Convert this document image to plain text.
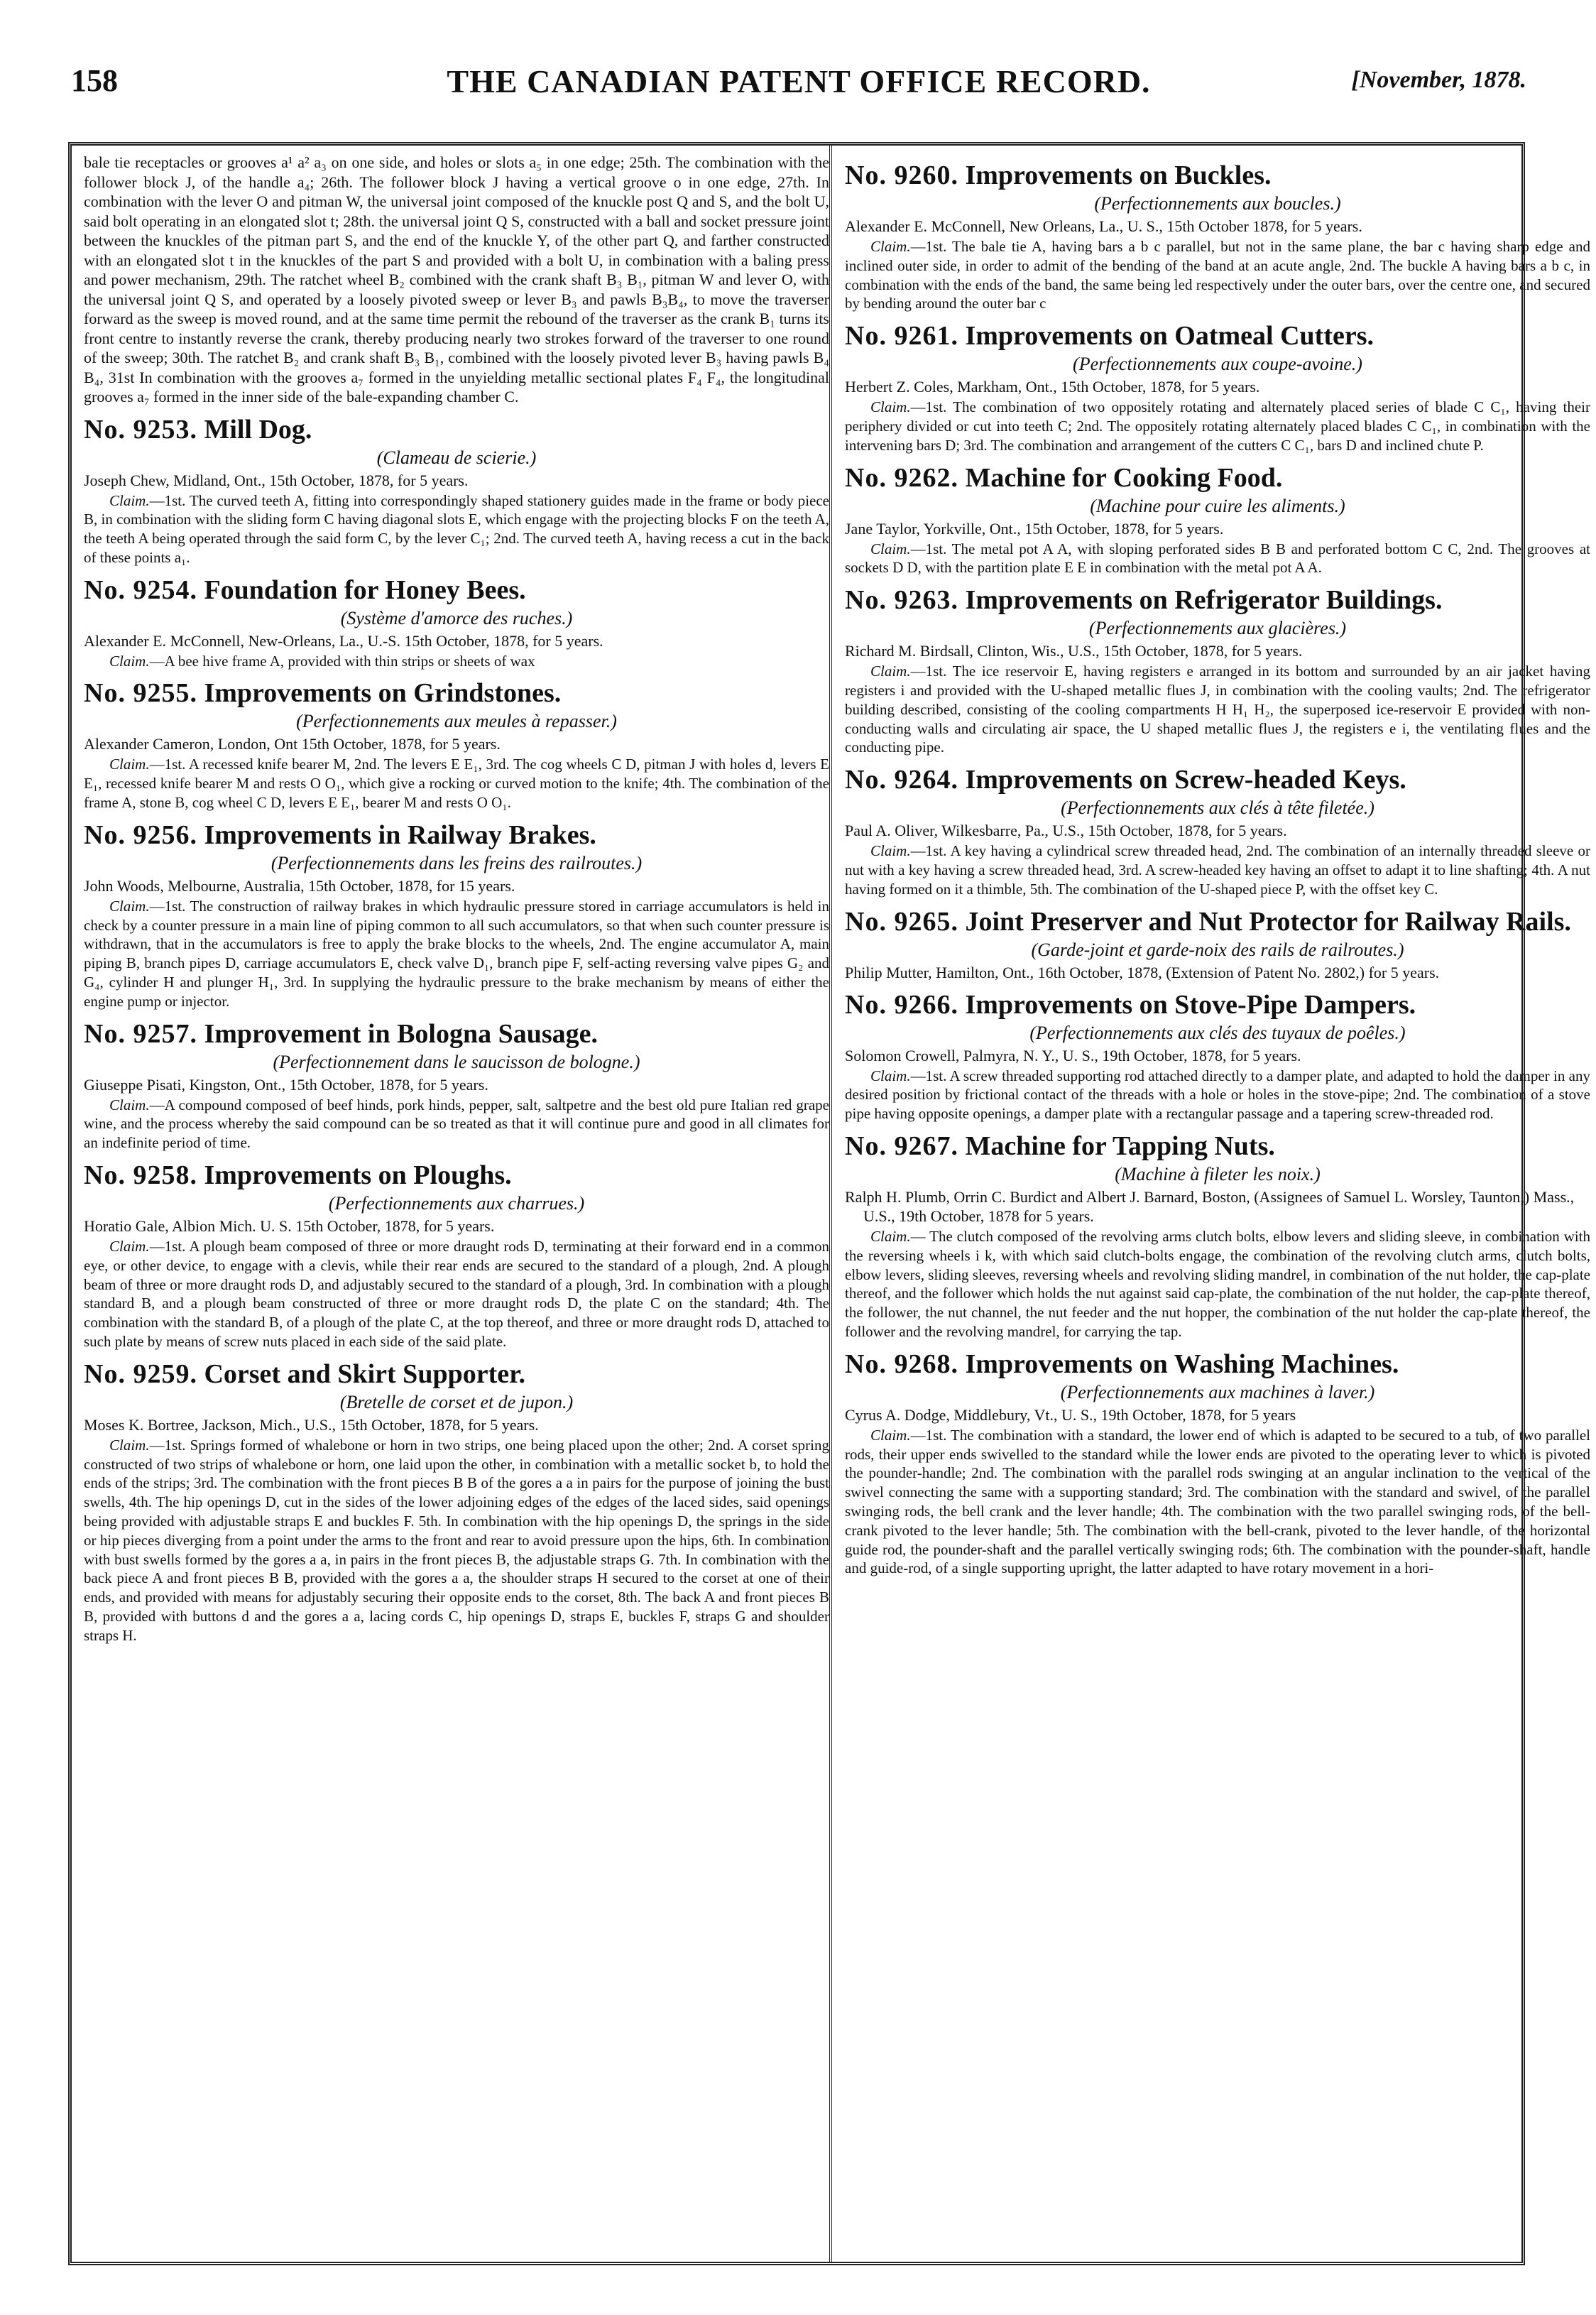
158	THE CANADIAN PATENT OFFICE RECORD.	[November, 1878.

bale tie receptacles or grooves a¹ a² a₃ on one side, and holes or slots a₅ in one edge; 25th. The combination with the follower block J, of the handle a₄; 26th. The follower block J having a vertical groove o in one edge, 27th. In combination with the lever O and pitman W, the universal joint composed of the knuckle post Q and S, and the bolt U, said bolt operating in an elongated slot t; 28th. the universal joint Q S, constructed with a ball and socket pressure joint between the knuckles of the pitman part S, and the end of the knuckle Y, of the other part Q, and farther constructed with an elongated slot t in the knuckles of the part S and provided with a bolt U, in combination with a baling press and power mechanism, 29th. The ratchet wheel B₂ combined with the crank shaft B₃ B₁, pitman W and lever O, with the universal joint Q S, and operated by a loosely pivoted sweep or lever B₃ and pawls B₃B₄, to move the traverser forward as the sweep is moved round, and at the same time permit the rebound of the traverser as the crank B₁ turns its front centre to instantly reverse the crank, thereby producing nearly two strokes forward of the traverser to one round of the sweep; 30th. The ratchet B₂ and crank shaft B₃ B₁, combined with the loosely pivoted lever B₃ having pawls B₄ B₄, 31st In combination with the grooves a₇ formed in the unyielding metallic sectional plates F₄ F₄, the longitudinal grooves a₇ formed in the inner side of the bale-expanding chamber C.

No. 9253. Mill Dog.
(Clameau de scierie.)
Joseph Chew, Midland, Ont., 15th October, 1878, for 5 years.

Claim.—1st. The curved teeth A, fitting into correspondingly shaped stationery guides made in the frame or body piece B, in combination with the sliding form C having diagonal slots E, which engage with the projecting blocks F on the teeth A, the teeth A being operated through the said form C, by the lever C₁; 2nd. The curved teeth A, having recess a cut in the back of these points a₁.

No. 9254. Foundation for Honey Bees.
(Système d'amorce des ruches.)
Alexander E. McConnell, New-Orleans, La., U.-S. 15th October, 1878, for 5 years.

Claim.—A bee hive frame A, provided with thin strips or sheets of wax

No. 9255. Improvements on Grindstones.
(Perfectionnements aux meules à repasser.)
Alexander Cameron, London, Ont 15th October, 1878, for 5 years.

Claim.—1st. A recessed knife bearer M, 2nd. The levers E E₁, 3rd. The cog wheels C D, pitman J with holes d, levers E E₁, recessed knife bearer M and rests O O₁, which give a rocking or curved motion to the knife; 4th. The combination of the frame A, stone B, cog wheel C D, levers E E₁, bearer M and rests O O₁.

No. 9256. Improvements in Railway Brakes.
(Perfectionnements dans les freins des railroutes.)
John Woods, Melbourne, Australia, 15th October, 1878, for 15 years.

Claim.—1st. The construction of railway brakes in which hydraulic pressure stored in carriage accumulators is held in check by a counter pressure in a main line of piping common to all such accumulators, so that when such counter pressure is withdrawn, that in the accumulators is free to apply the brake blocks to the wheels, 2nd. The engine accumulator A, main piping B, branch pipes D, carriage accumulators E, check valve D₁, branch pipe F, self-acting reversing valve pipes G₂ and G₄, cylinder H and plunger H₁, 3rd. In supplying the hydraulic pressure to the brake mechanism by means of either the engine pump or injector.

No. 9257. Improvement in Bologna Sausage.
(Perfectionnement dans le saucisson de bologne.)
Giuseppe Pisati, Kingston, Ont., 15th October, 1878, for 5 years.

Claim.—A compound composed of beef hinds, pork hinds, pepper, salt, saltpetre and the best old pure Italian red grape wine, and the process whereby the said compound can be so treated as that it will continue pure and good in all climates for an indefinite period of time.

No. 9258. Improvements on Ploughs.
(Perfectionnements aux charrues.)
Horatio Gale, Albion Mich. U. S. 15th October, 1878, for 5 years.

Claim.—1st. A plough beam composed of three or more draught rods D, terminating at their forward end in a common eye, or other device, to engage with a clevis, while their rear ends are secured to the standard of a plough, 2nd. A plough beam of three or more draught rods D, and adjustably secured to the standard of a plough, 3rd. In combination with a plough standard B, and a plough beam constructed of three or more draught rods D, the plate C on the standard; 4th. The combination with the standard B, of a plough of the plate C, at the top thereof, and three or more draught rods D, attached to such plate by means of screw nuts placed in each side of the said plate.

No. 9259. Corset and Skirt Supporter.
(Bretelle de corset et de jupon.)
Moses K. Bortree, Jackson, Mich., U.S., 15th October, 1878, for 5 years.

Claim.—1st. Springs formed of whalebone or horn in two strips, one being placed upon the other; 2nd. A corset spring constructed of two strips of whalebone or horn, one laid upon the other, in combination with a metallic socket b, to hold the ends of the strips; 3rd. The combination with the front pieces B B of the gores a a in pairs for the purpose of joining the bust swells, 4th. The hip openings D, cut in the sides of the lower adjoining edges of the edges of the laced sides, said openings being provided with adjustable straps E and buckles F. 5th. In combination with the hip openings D, the springs in the side or hip pieces diverging from a point under the arms to the front and rear to avoid pressure upon the hips, 6th. In combination with bust swells formed by the gores a a, in pairs in the front pieces B, the adjustable straps G. 7th. In combination with the back piece A and front pieces B B, provided with the gores a a, the shoulder straps H secured to the corset at one of their ends, and provided with means for adjustably securing their opposite ends to the corset, 8th. The back A and front pieces B B, provided with buttons d and the gores a a, lacing cords C, hip openings D, straps E, buckles F, straps G and shoulder straps H.

No. 9260. Improvements on Buckles.
(Perfectionnements aux boucles.)
Alexander E. McConnell, New Orleans, La., U. S., 15th October 1878, for 5 years.

Claim.—1st. The bale tie A, having bars a b c parallel, but not in the same plane, the bar c having sharp edge and inclined outer side, in order to admit of the bending of the band at an acute angle, 2nd. The buckle A having bars a b c, in combination with the ends of the band, the same being led respectively under the outer bars, over the centre one, and secured by bending around the outer bar c

No. 9261. Improvements on Oatmeal Cutters.
(Perfectionnements aux coupe-avoine.)
Herbert Z. Coles, Markham, Ont., 15th October, 1878, for 5 years.

Claim.—1st. The combination of two oppositely rotating and alternately placed series of blade C C₁, having their periphery divided or cut into teeth C; 2nd. The oppositely rotating alternately placed blades C C₁, in combination with the intervening bars D; 3rd. The combination and arrangement of the cutters C C₁, bars D and inclined chute P.

No. 9262. Machine for Cooking Food.
(Machine pour cuire les aliments.)
Jane Taylor, Yorkville, Ont., 15th October, 1878, for 5 years.

Claim.—1st. The metal pot A A, with sloping perforated sides B B and perforated bottom C C, 2nd. The grooves at sockets D D, with the partition plate E E in combination with the metal pot A A.

No. 9263. Improvements on Refrigerator Buildings.
(Perfectionnements aux glacières.)
Richard M. Birdsall, Clinton, Wis., U.S., 15th October, 1878, for 5 years.

Claim.—1st. The ice reservoir E, having registers e arranged in its bottom and surrounded by an air jacket having registers i and provided with the U-shaped metallic flues J, in combination with the cooling vaults; 2nd. The refrigerator building described, consisting of the cooling compartments H H₁ H₂, the superposed ice-reservoir E provided with non-conducting walls and circulating air space, the U shaped metallic flues J, the registers e i, the ventilating flues and the conducting pipe.

No. 9264. Improvements on Screw-headed Keys.
(Perfectionnements aux clés à tête filetée.)
Paul A. Oliver, Wilkesbarre, Pa., U.S., 15th October, 1878, for 5 years.

Claim.—1st. A key having a cylindrical screw threaded head, 2nd. The combination of an internally threaded sleeve or nut with a key having a screw threaded head, 3rd. A screw-headed key having an offset to adapt it to line shafting; 4th. A nut having formed on it a thimble, 5th. The combination of the U-shaped piece P, with the offset key C.

No. 9265. Joint Preserver and Nut Protector for Railway Rails.
(Garde-joint et garde-noix des rails de railroutes.)
Philip Mutter, Hamilton, Ont., 16th October, 1878, (Extension of Patent No. 2802,) for 5 years.
No. 9266. Improvements on Stove-Pipe Dampers.
(Perfectionnements aux clés des tuyaux de poêles.)
Solomon Crowell, Palmyra, N. Y., U. S., 19th October, 1878, for 5 years.

Claim.—1st. A screw threaded supporting rod attached directly to a damper plate, and adapted to hold the damper in any desired position by frictional contact of the threads with a hole or holes in the stove-pipe; 2nd. The combination of a stove pipe having opposite openings, a damper plate with a rectangular passage and a tapering screw-threaded rod.

No. 9267. Machine for Tapping Nuts.
(Machine à fileter les noix.)
Ralph H. Plumb, Orrin C. Burdict and Albert J. Barnard, Boston, (Assignees of Samuel L. Worsley, Taunton,) Mass., U.S., 19th October, 1878 for 5 years.

Claim.— The clutch composed of the revolving arms clutch bolts, elbow levers and sliding sleeve, in combination with the reversing wheels i k, with which said clutch-bolts engage, the combination of the revolving clutch arms, clutch bolts, elbow levers, sliding sleeves, reversing wheels and revolving sliding mandrel, in combination of the nut holder, the cap-plate thereof, and the follower which holds the nut against said cap-plate, the combination of the nut holder, the cap-plate thereof, the follower, the nut channel, the nut feeder and the nut hopper, the combination of the nut holder the cap-plate thereof, the follower and the revolving mandrel, for carrying the tap.

No. 9268. Improvements on Washing Machines.
(Perfectionnements aux machines à laver.)
Cyrus A. Dodge, Middlebury, Vt., U. S., 19th October, 1878, for 5 years

Claim.—1st. The combination with a standard, the lower end of which is adapted to be secured to a tub, of two parallel rods, their upper ends swivelled to the standard while the lower ends are pivoted to the operating lever to which is pivoted the pounder-handle; 2nd. The combination with the parallel rods swinging at an angular inclination to the vertical of the swivel connecting the same with a supporting standard; 3rd. The combination with the standard and swivel, of the parallel swinging rods, the bell crank and the lever handle; 4th. The combination with the two parallel swinging rods, of the bell-crank pivoted to the lever handle; 5th. The combination with the bell-crank, pivoted to the lever handle, of the horizontal guide rod, the pounder-shaft and the parallel vertically swinging rods; 6th. The combination with the pounder-shaft, handle and guide-rod, of a single supporting upright, the latter adapted to have rotary movement in a hori-
